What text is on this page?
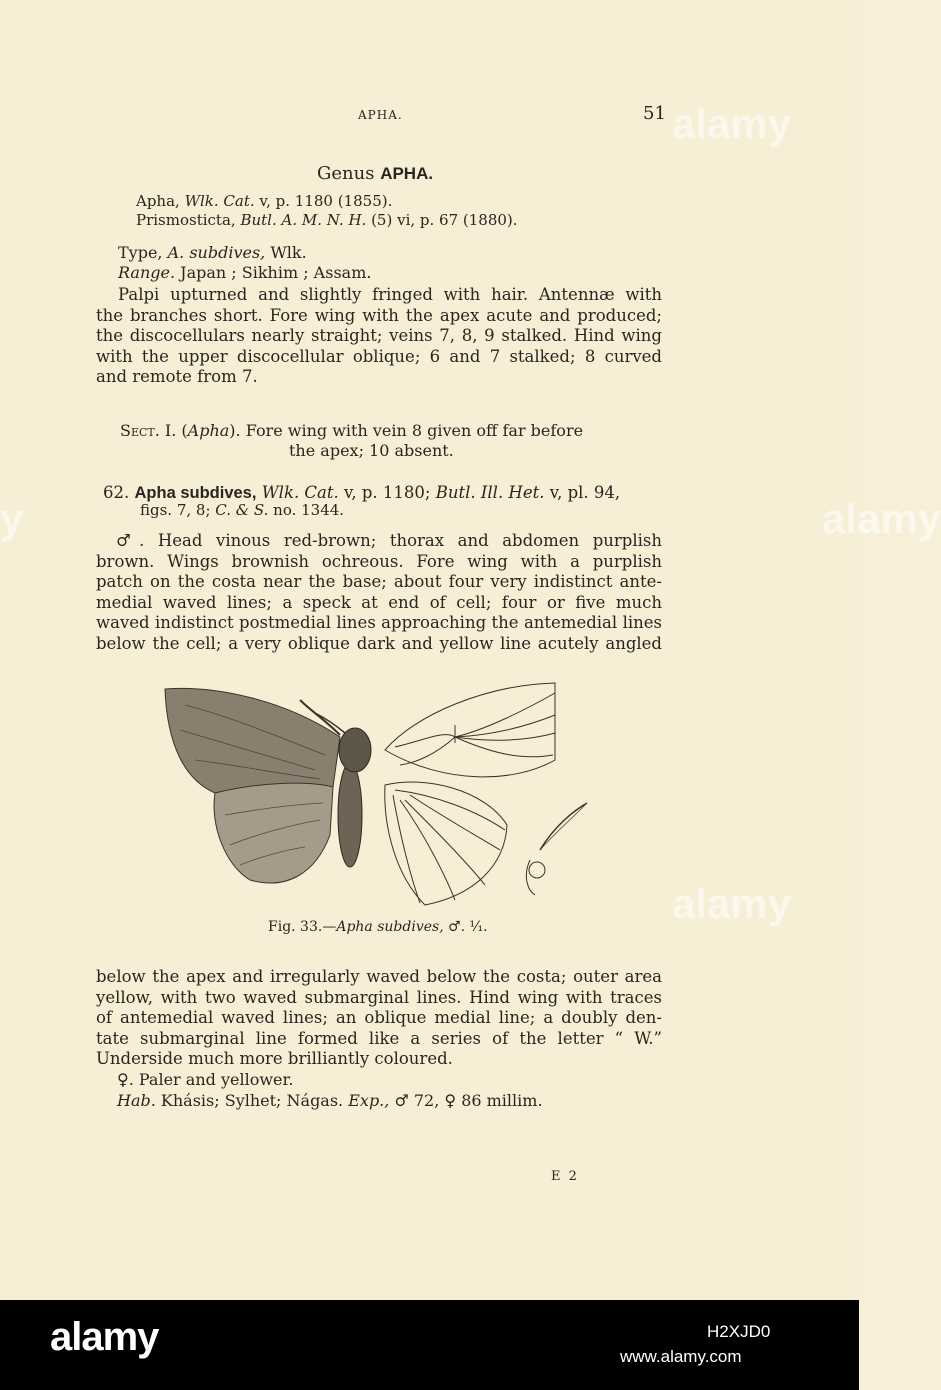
APHA.	51
Genus APHA.
Apha, Wlk. Cat. v, p. 1180 (1855).
Prismosticta, Butl. A. M. N. H. (5) vi, p. 67 (1880).
Type, A. subdives, Wlk.
Range. Japan ; Sikhim ; Assam.
Palpi upturned and slightly fringed with hair. Antennæ with
the branches short. Fore wing with the apex acute and produced;
the discocellulars nearly straight; veins 7, 8, 9 stalked. Hind wing
with the upper discocellular oblique; 6 and 7 stalked; 8 curved
and remote from 7.
Sect. I. (Apha). Fore wing with vein 8 given off far before
the apex; 10 absent.
62. Apha subdives, Wlk. Cat. v, p. 1180; Butl. Ill. Het. v, pl. 94,
figs. 7, 8; C. & S. no. 1344.
♂. Head vinous red-brown; thorax and abdomen purplish
brown. Wings brownish ochreous. Fore wing with a purplish
patch on the costa near the base; about four very indistinct ante-
medial waved lines; a speck at end of cell; four or five much
waved indistinct postmedial lines approaching the antemedial lines
below the cell; a very oblique dark and yellow line acutely angled
Fig. 33.—Apha subdives, ♂. ¹⁄₁.
below the apex and irregularly waved below the costa; outer area
yellow, with two waved submarginal lines. Hind wing with traces
of antemedial waved lines; an oblique medial line; a doubly den-
tate submarginal line formed like a series of the letter “ W.”
Underside much more brilliantly coloured.
♀. Paler and yellower.
Hab. Khásis; Sylhet; Nágas. Exp., ♂ 72, ♀ 86 millim.
E 2
alamy
alamy
alamy
y
alamy	H2XJD0
www.alamy.com
